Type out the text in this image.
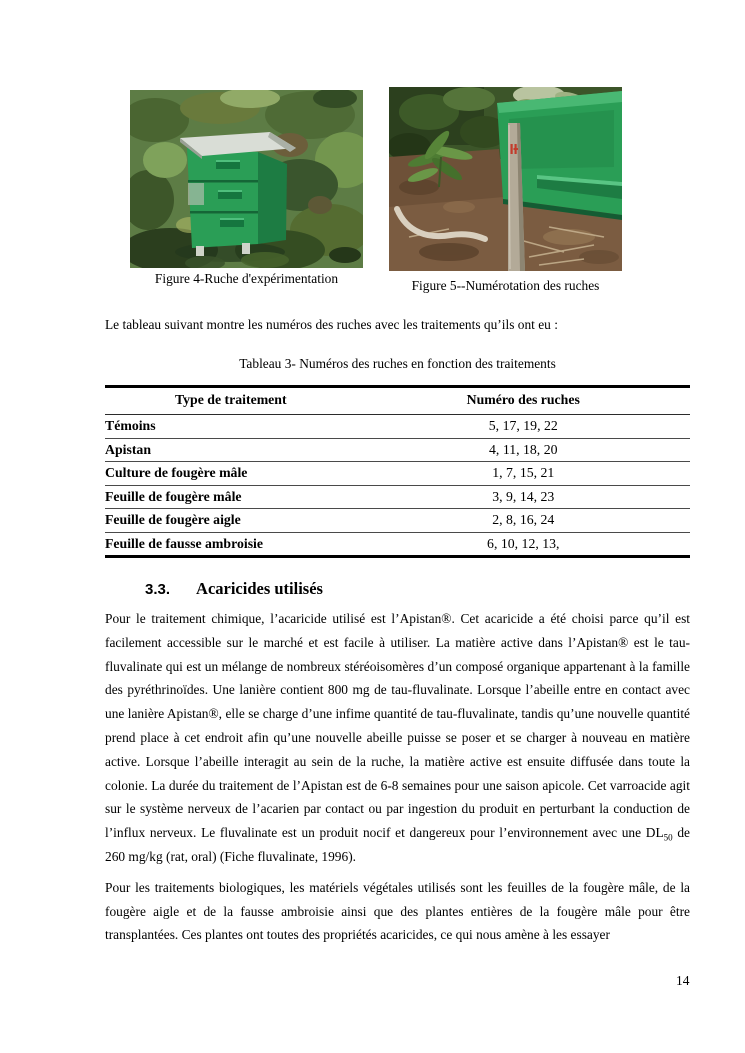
Figure 4-Ruche d'expérimentation	Figure 5--Numérotation des ruches

Le tableau suivant montre les numéros des ruches avec les traitements qu’ils ont eu :

Tableau 3- Numéros des ruches en fonction des traitements
Type de traitement	Numéro des ruches
Témoins	5, 17, 19, 22
Apistan	4, 11, 18, 20
Culture de fougère mâle	1, 7, 15, 21
Feuille de fougère mâle	3, 9, 14, 23
Feuille de fougère aigle	2, 8, 16, 24
Feuille de fausse ambroisie	6, 10, 12, 13,
3.3. Acaricides utilisés

Pour le traitement chimique, l’acaricide utilisé est l’Apistan®. Cet acaricide a été choisi parce qu’il est facilement accessible sur le marché et est facile à utiliser. La matière active dans l’Apistan® est le tau-fluvalinate qui est un mélange de nombreux stéréoisomères d’un composé organique appartenant à la famille des pyréthrinoïdes. Une lanière contient 800 mg de tau-fluvalinate. Lorsque l’abeille entre en contact avec une lanière Apistan®, elle se charge d’une infime quantité de tau-fluvalinate, tandis qu’une nouvelle quantité prend place à cet endroit afin qu’une nouvelle abeille puisse se poser et se charger à nouveau en matière active. Lorsque l’abeille interagit au sein de la ruche, la matière active est ensuite diffusée dans toute la colonie. La durée du traitement de l’Apistan est de 6-8 semaines pour une saison apicole. Cet varroacide agit sur le système nerveux de l’acarien par contact ou par ingestion du produit en perturbant la conduction de l’influx nerveux. Le fluvalinate est un produit nocif et dangereux pour l’environnement avec une $DL_{50}$ de 260 mg/kg (rat, oral) (Fiche fluvalinate, 1996).

Pour les traitements biologiques, les matériels végétales utilisés sont les feuilles de la fougère mâle, de la fougère aigle et de la fausse ambroisie ainsi que des plantes entières de la fougère mâle pour être transplantées. Ces plantes ont toutes des propriétés acaricides, ce qui nous amène à les essayer

14
